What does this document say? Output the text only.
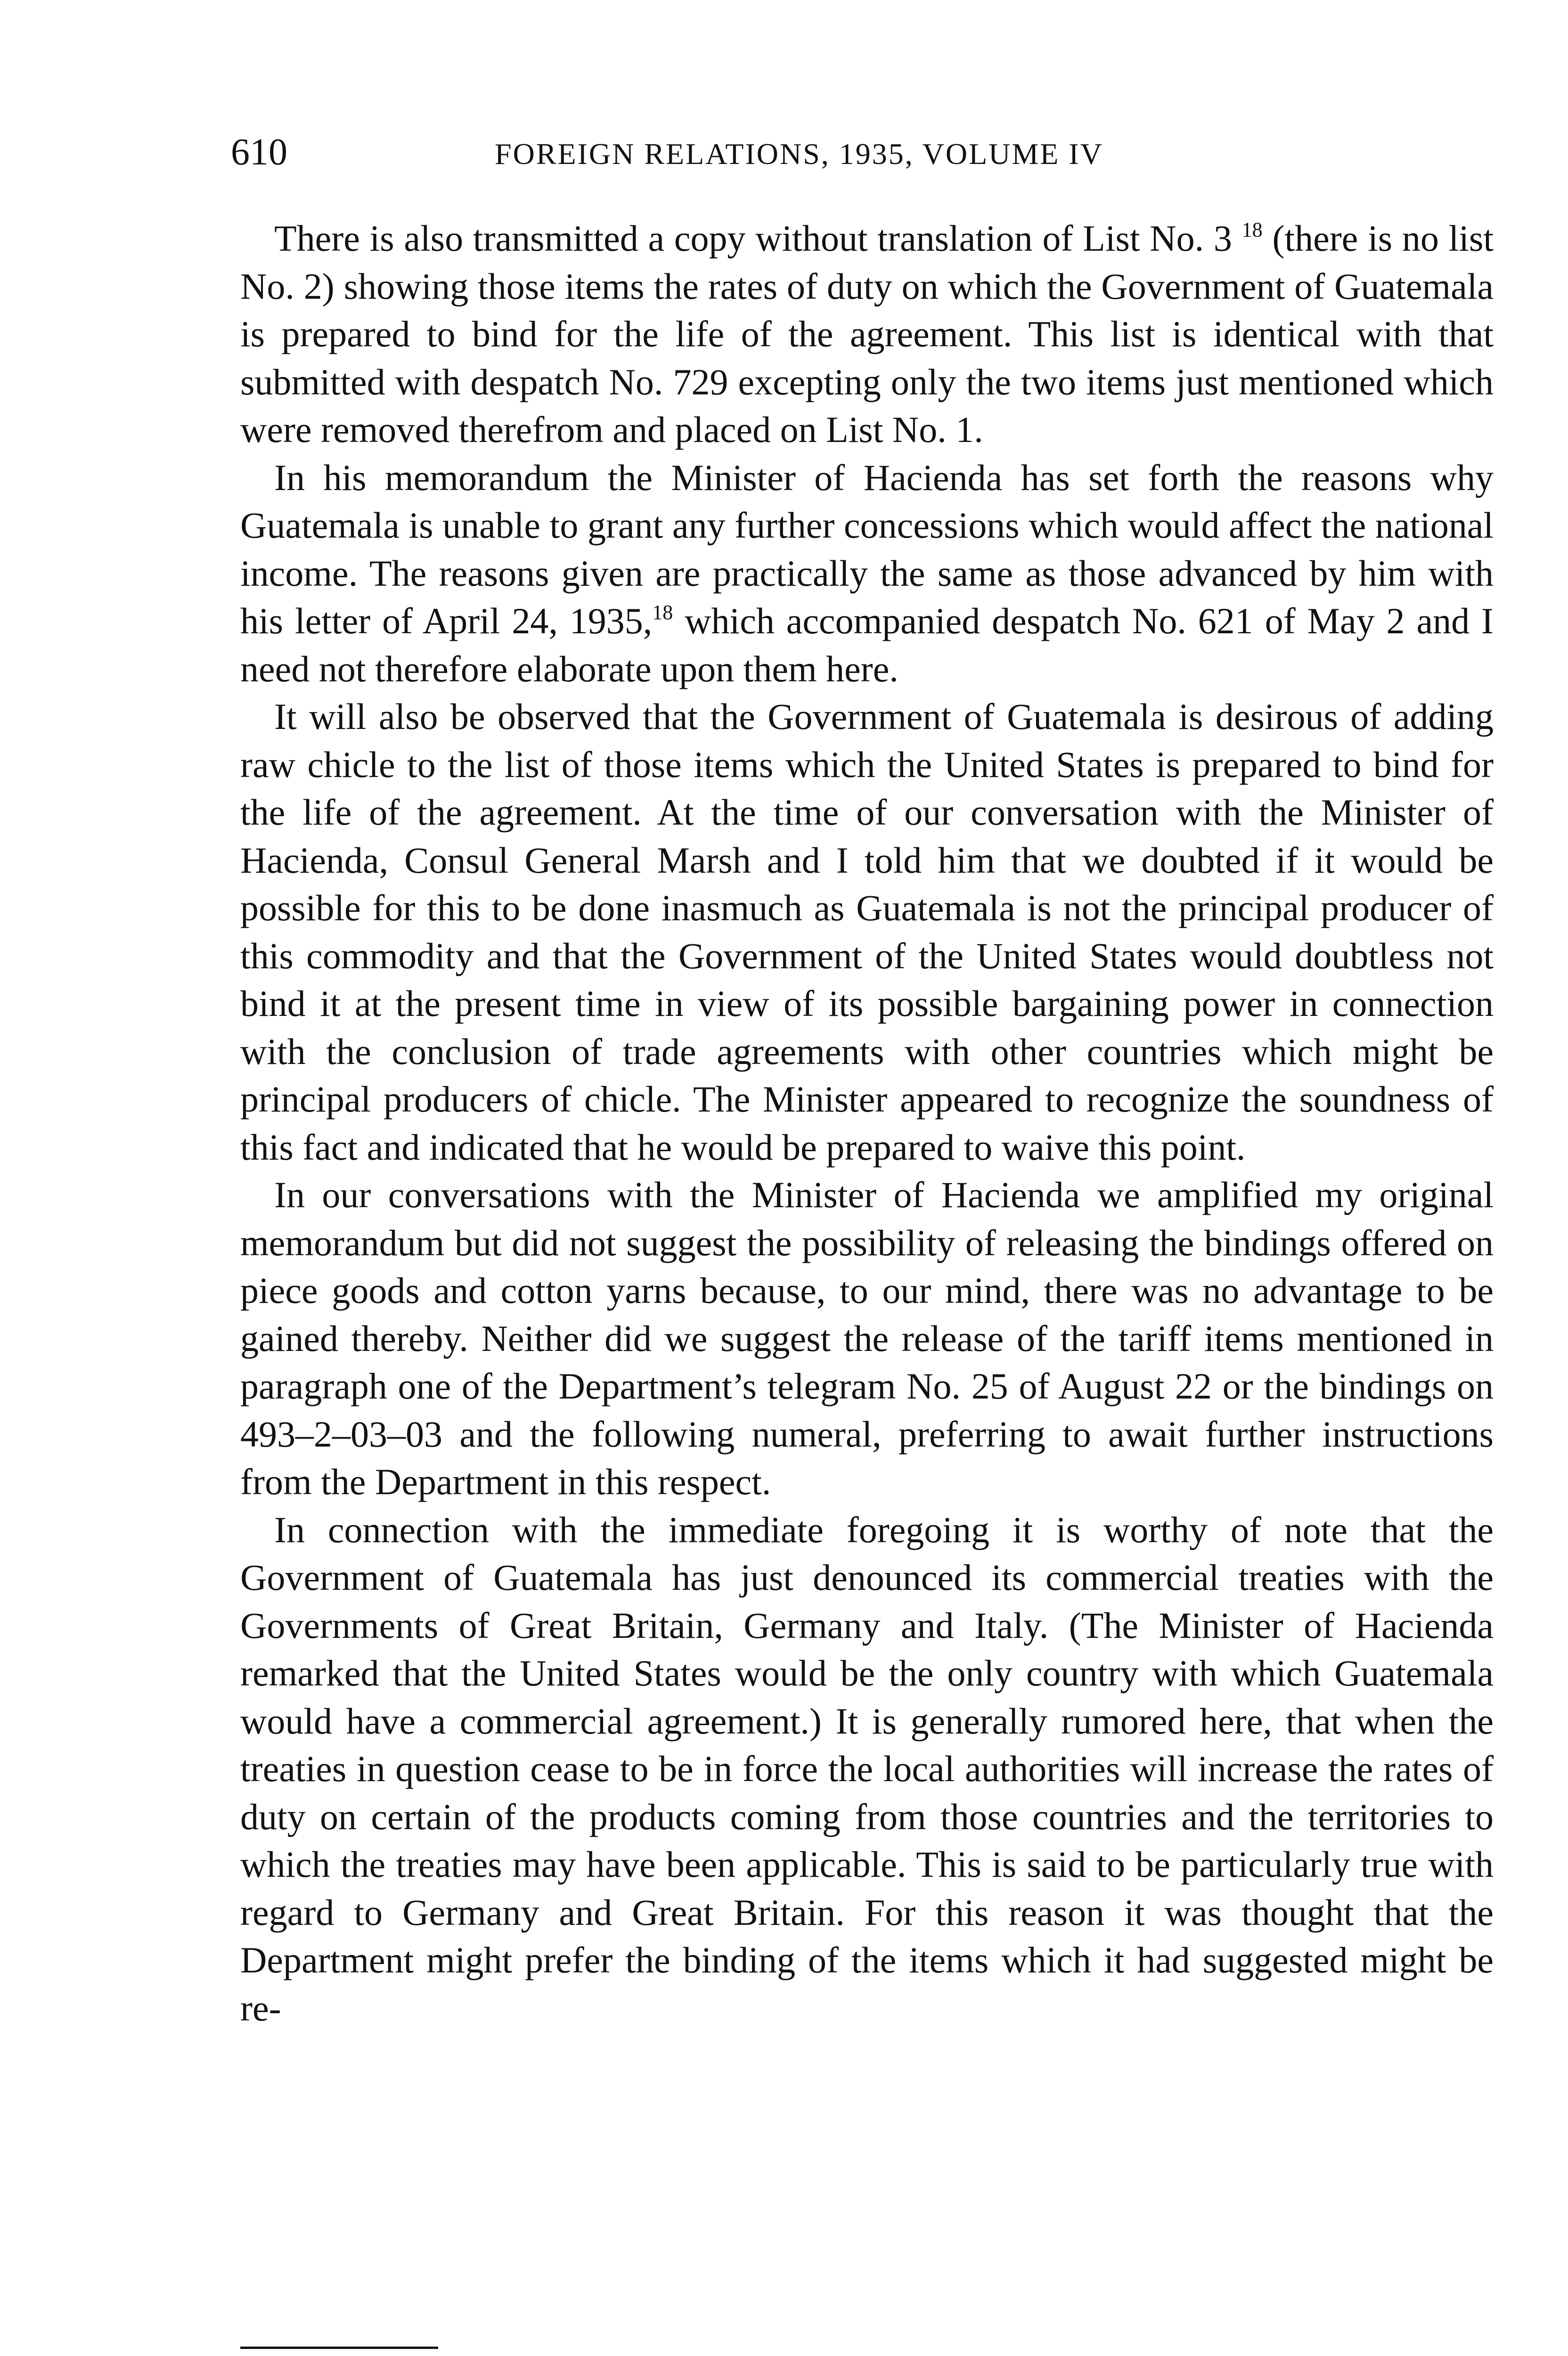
610	FOREIGN RELATIONS, 1935, VOLUME IV

There is also transmitted a copy without translation of List No. 3 $^{18}$ (there is no list No. 2) showing those items the rates of duty on which the Government of Guatemala is prepared to bind for the life of the agreement. This list is identical with that submitted with despatch No. 729 excepting only the two items just mentioned which were removed therefrom and placed on List No. 1.

In his memorandum the Minister of Hacienda has set forth the reasons why Guatemala is unable to grant any further concessions which would affect the national income. The reasons given are practically the same as those advanced by him with his letter of April 24, 1935,18 which accompanied despatch No. 621 of May 2 and I need not therefore elaborate upon them here.

It will also be observed that the Government of Guatemala is desirous of adding raw chicle to the list of those items which the United States is prepared to bind for the life of the agreement. At the time of our conversation with the Minister of Hacienda, Consul General Marsh and I told him that we doubted if it would be possible for this to be done inasmuch as Guatemala is not the principal producer of this commodity and that the Government of the United States would doubtless not bind it at the present time in view of its possible bargaining power in connection with the conclusion of trade agreements with other countries which might be principal producers of chicle. The Minister appeared to recognize the soundness of this fact and indicated that he would be prepared to waive this point.

In our conversations with the Minister of Hacienda we amplified my original memorandum but did not suggest the possibility of releasing the bindings offered on piece goods and cotton yarns because, to our mind, there was no advantage to be gained thereby. Neither did we suggest the release of the tariff items mentioned in paragraph one of the Department’s telegram No. 25 of August 22 or the bindings on 493–2–03–03 and the following numeral, preferring to await further instructions from the Department in this respect.

In connection with the immediate foregoing it is worthy of note that the Government of Guatemala has just denounced its commercial treaties with the Governments of Great Britain, Germany and Italy. (The Minister of Hacienda remarked that the United States would be the only country with which Guatemala would have a commercial agreement.) It is generally rumored here, that when the treaties in question cease to be in force the local authorities will increase the rates of duty on certain of the products coming from those countries and the territories to which the treaties may have been applicable. This is said to be particularly true with regard to Germany and Great Britain. For this reason it was thought that the Department might prefer the binding of the items which it had suggested might be re-
